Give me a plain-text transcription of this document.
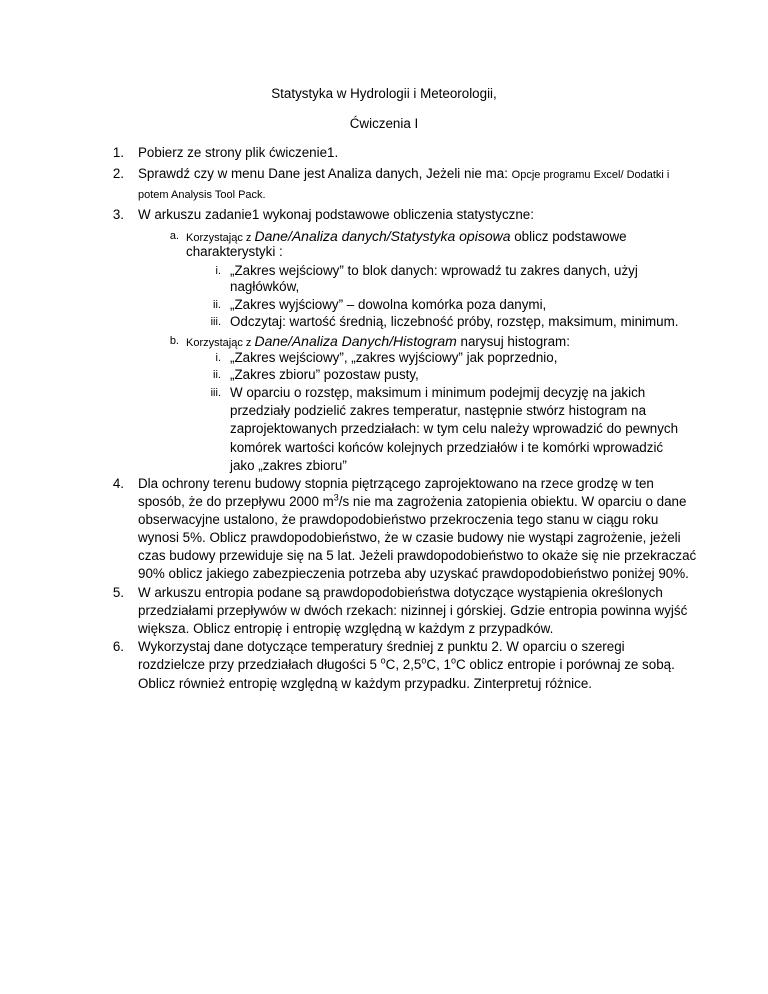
Statystyka w Hydrologii i Meteorologii,
Ćwiczenia I
1. Pobierz ze strony plik ćwiczenie1.
2. Sprawdź czy w menu Dane jest Analiza danych, Jeżeli nie ma: Opcje programu Excel/ Dodatki i
potem Analysis Tool Pack.
3. W arkuszu zadanie1 wykonaj podstawowe obliczenia statystyczne:
a. Korzystając z Dane/Analiza danych/Statystyka opisowa oblicz podstawowe
charakterystyki :
i. „Zakres wejściowy” to blok danych: wprowadź tu zakres danych, użyj
nagłówków,
ii. „Zakres wyjściowy” – dowolna komórka poza danymi,
iii. Odczytaj: wartość średnią, liczebność próby, rozstęp, maksimum, minimum.
b. Korzystając z Dane/Analiza Danych/Histogram narysuj histogram:
i. „Zakres wejściowy”, „zakres wyjściowy” jak poprzednio,
ii. „Zakres zbioru” pozostaw pusty,
iii. W oparciu o rozstęp, maksimum i minimum podejmij decyzję na jakich
przedziały podzielić zakres temperatur, następnie stwórz histogram na
zaprojektowanych przedziałach: w tym celu należy wprowadzić do pewnych
komórek wartości końców kolejnych przedziałów i te komórki wprowadzić
jako „zakres zbioru”
4. Dla ochrony terenu budowy stopnia piętrzącego zaprojektowano na rzece grodzę w ten
sposób, że do przepływu 2000 $m^3/s$ nie ma zagrożenia zatopienia obiektu. W oparciu o dane
obserwacyjne ustalono, że prawdopodobieństwo przekroczenia tego stanu w ciągu roku
wynosi 5%. Oblicz prawdopodobieństwo, że w czasie budowy nie wystąpi zagrożenie, jeżeli
czas budowy przewiduje się na 5 lat. Jeżeli prawdopodobieństwo to okaże się nie przekraczać
90% oblicz jakiego zabezpieczenia potrzeba aby uzyskać prawdopodobieństwo poniżej 90%.
5. W arkuszu entropia podane są prawdopodobieństwa dotyczące wystąpienia określonych
przedziałami przepływów w dwóch rzekach: nizinnej i górskiej. Gdzie entropia powinna wyjść
większa. Oblicz entropię i entropię względną w każdym z przypadków.
6. Wykorzystaj dane dotyczące temperatury średniej z punktu 2. W oparciu o szeregi
rozdzielcze przy przedziałach długości 5 $^o$C, 2,5$^o$C, 1$^o$C oblicz entropie i porównaj ze sobą.
Oblicz również entropię względną w każdym przypadku. Zinterpretuj różnice.
